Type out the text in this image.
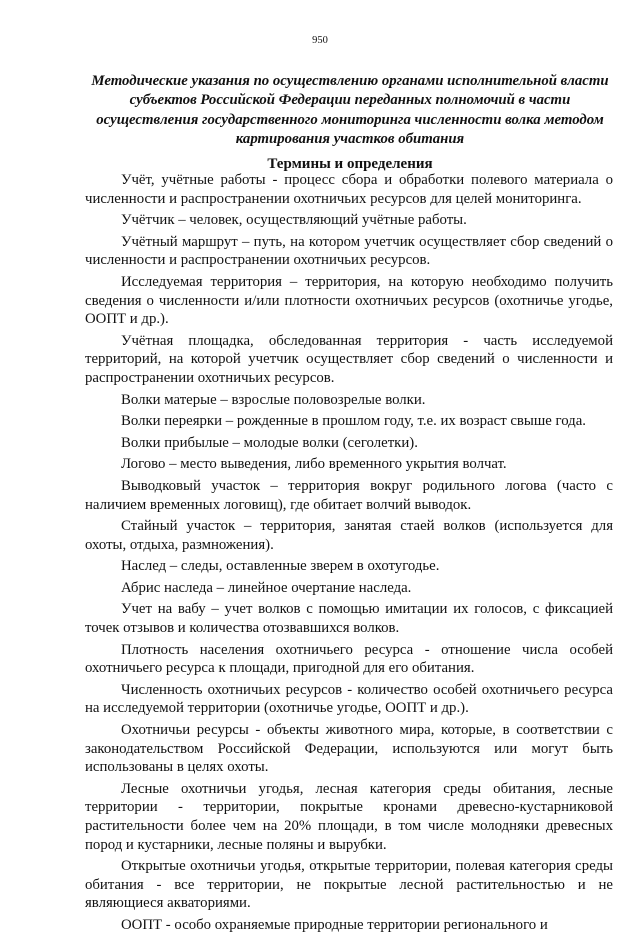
950
Методические указания по осуществлению органами исполнительной власти субъектов Российской Федерации переданных полномочий в части осуществления государственного мониторинга численности волка методом картирования участков обитания
Термины и определения

Учёт, учётные работы - процесс сбора и обработки полевого материала о численности и распространении охотничьих ресурсов для целей мониторинга.

Учётчик – человек, осуществляющий учётные работы.

Учётный маршрут – путь, на котором учетчик осуществляет сбор сведений о численности и распространении охотничьих ресурсов.

Исследуемая территория – территория, на которую необходимо получить сведения о численности и/или плотности охотничьих ресурсов (охотничье угодье, ООПТ и др.).

Учётная площадка, обследованная территория - часть исследуемой территорий, на которой учетчик осуществляет сбор сведений о численности и распространении охотничьих ресурсов.

Волки матерые – взрослые половозрелые волки.

Волки переярки – рожденные в прошлом году, т.е. их возраст свыше года.

Волки прибылые – молодые волки (сеголетки).

Логово – место выведения, либо временного укрытия волчат.

Выводковый участок – территория вокруг родильного логова (часто с наличием временных логовищ), где обитает волчий выводок.

Стайный участок – территория, занятая стаей волков (используется для охоты, отдыха, размножения).

Наслед – следы, оставленные зверем в охотугодье.

Абрис наследа – линейное очертание наследа.

Учет на вабу – учет волков с помощью имитации их голосов, с фиксацией точек отзывов и количества отозвавшихся волков.

Плотность населения охотничьего ресурса - отношение числа особей охотничьего ресурса к площади, пригодной для его обитания.

Численность охотничьих ресурсов - количество особей охотничьего ресурса на исследуемой территории (охотничье угодье, ООПТ и др.).

Охотничьи ресурсы - объекты животного мира, которые, в соответствии с законодательством Российской Федерации, используются или могут быть использованы в целях охоты.

Лесные охотничьи угодья, лесная категория среды обитания, лесные территории - территории, покрытые кронами древесно-кустарниковой растительности более чем на 20% площади, в том числе молодняки древесных пород и кустарники, лесные поляны и вырубки.

Открытые охотничьи угодья, открытые территории, полевая категория среды обитания - все территории, не покрытые лесной растительностью и не являющиеся акваториями.

ООПТ - особо охраняемые природные территории регионального и
